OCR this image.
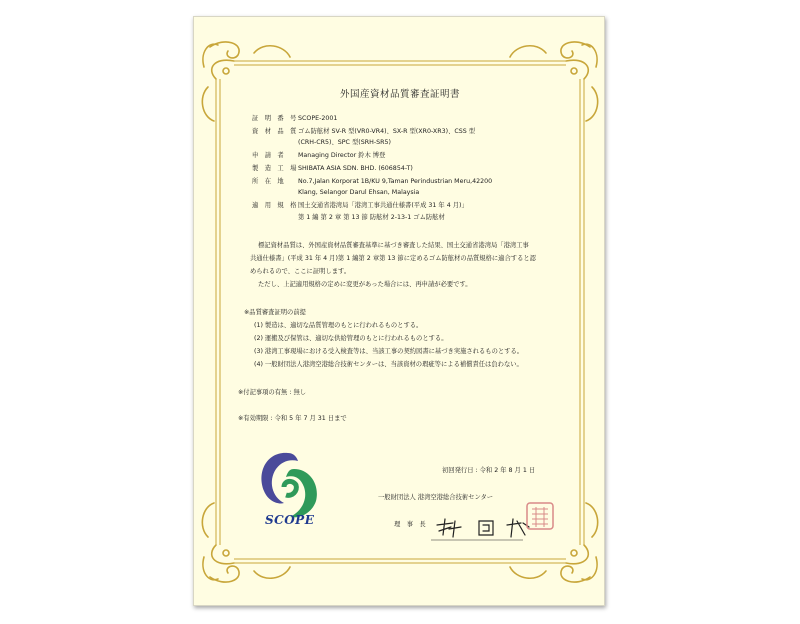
外国産資材品質審査証明書
証 明 番 号 SCOPE-2001
資 材 品 質 ゴム防舷材 SV-R 型(VR0-VR4)、SX-R 型(XR0-XR3)、CSS 型
(CRH-CR5)、SPC 型(SRH-SR5)
申 請 者 Managing Director 鈴木 博登
製 造 工 場 SHIBATA ASIA SDN. BHD. (606854-T)
所 在 地 No.7,Jalan Korporat 1B/KU 9,Taman Perindustrian Meru,42200
Klang, Selangor Darul Ehsan, Malaysia
適 用 規 格 国土交通省港湾局「港湾工事共通仕様書(平成 31 年 4 月)」
第 1 編 第 2 章 第 13 節 防舷材 2-13-1 ゴム防舷材
標記資材品質は、外国産資材品質審査基準に基づき審査した結果、国土交通省港湾局「港湾工事
共通仕様書」(平成 31 年 4 月)第 1 編第 2 章第 13 節に定めるゴム防舷材の品質規格に適合すると認
められるので、ここに証明します。
ただし、上記適用規格の定めに変更があった場合には、再申請が必要です。
※品質審査証明の前提
(1) 製造は、適切な品質管理のもとに行われるものとする。
(2) 運搬及び保管は、適切な供給管理のもとに行われるものとする。
(3) 港湾工事現場における受入検査等は、当該工事の契約図書に基づき実施されるものとする。
(4) 一般財団法人港湾空港総合技術センターは、当該資材の瑕疵等による補償責任は負わない。
※付記事項の有無 : 無し
※有効期限 : 令和 5 年 7 月 31 日まで
初回発行日 : 令和 2 年 8 月 1 日
一般財団法人 港湾空港総合技術センター
理 事 長
SCOPE
